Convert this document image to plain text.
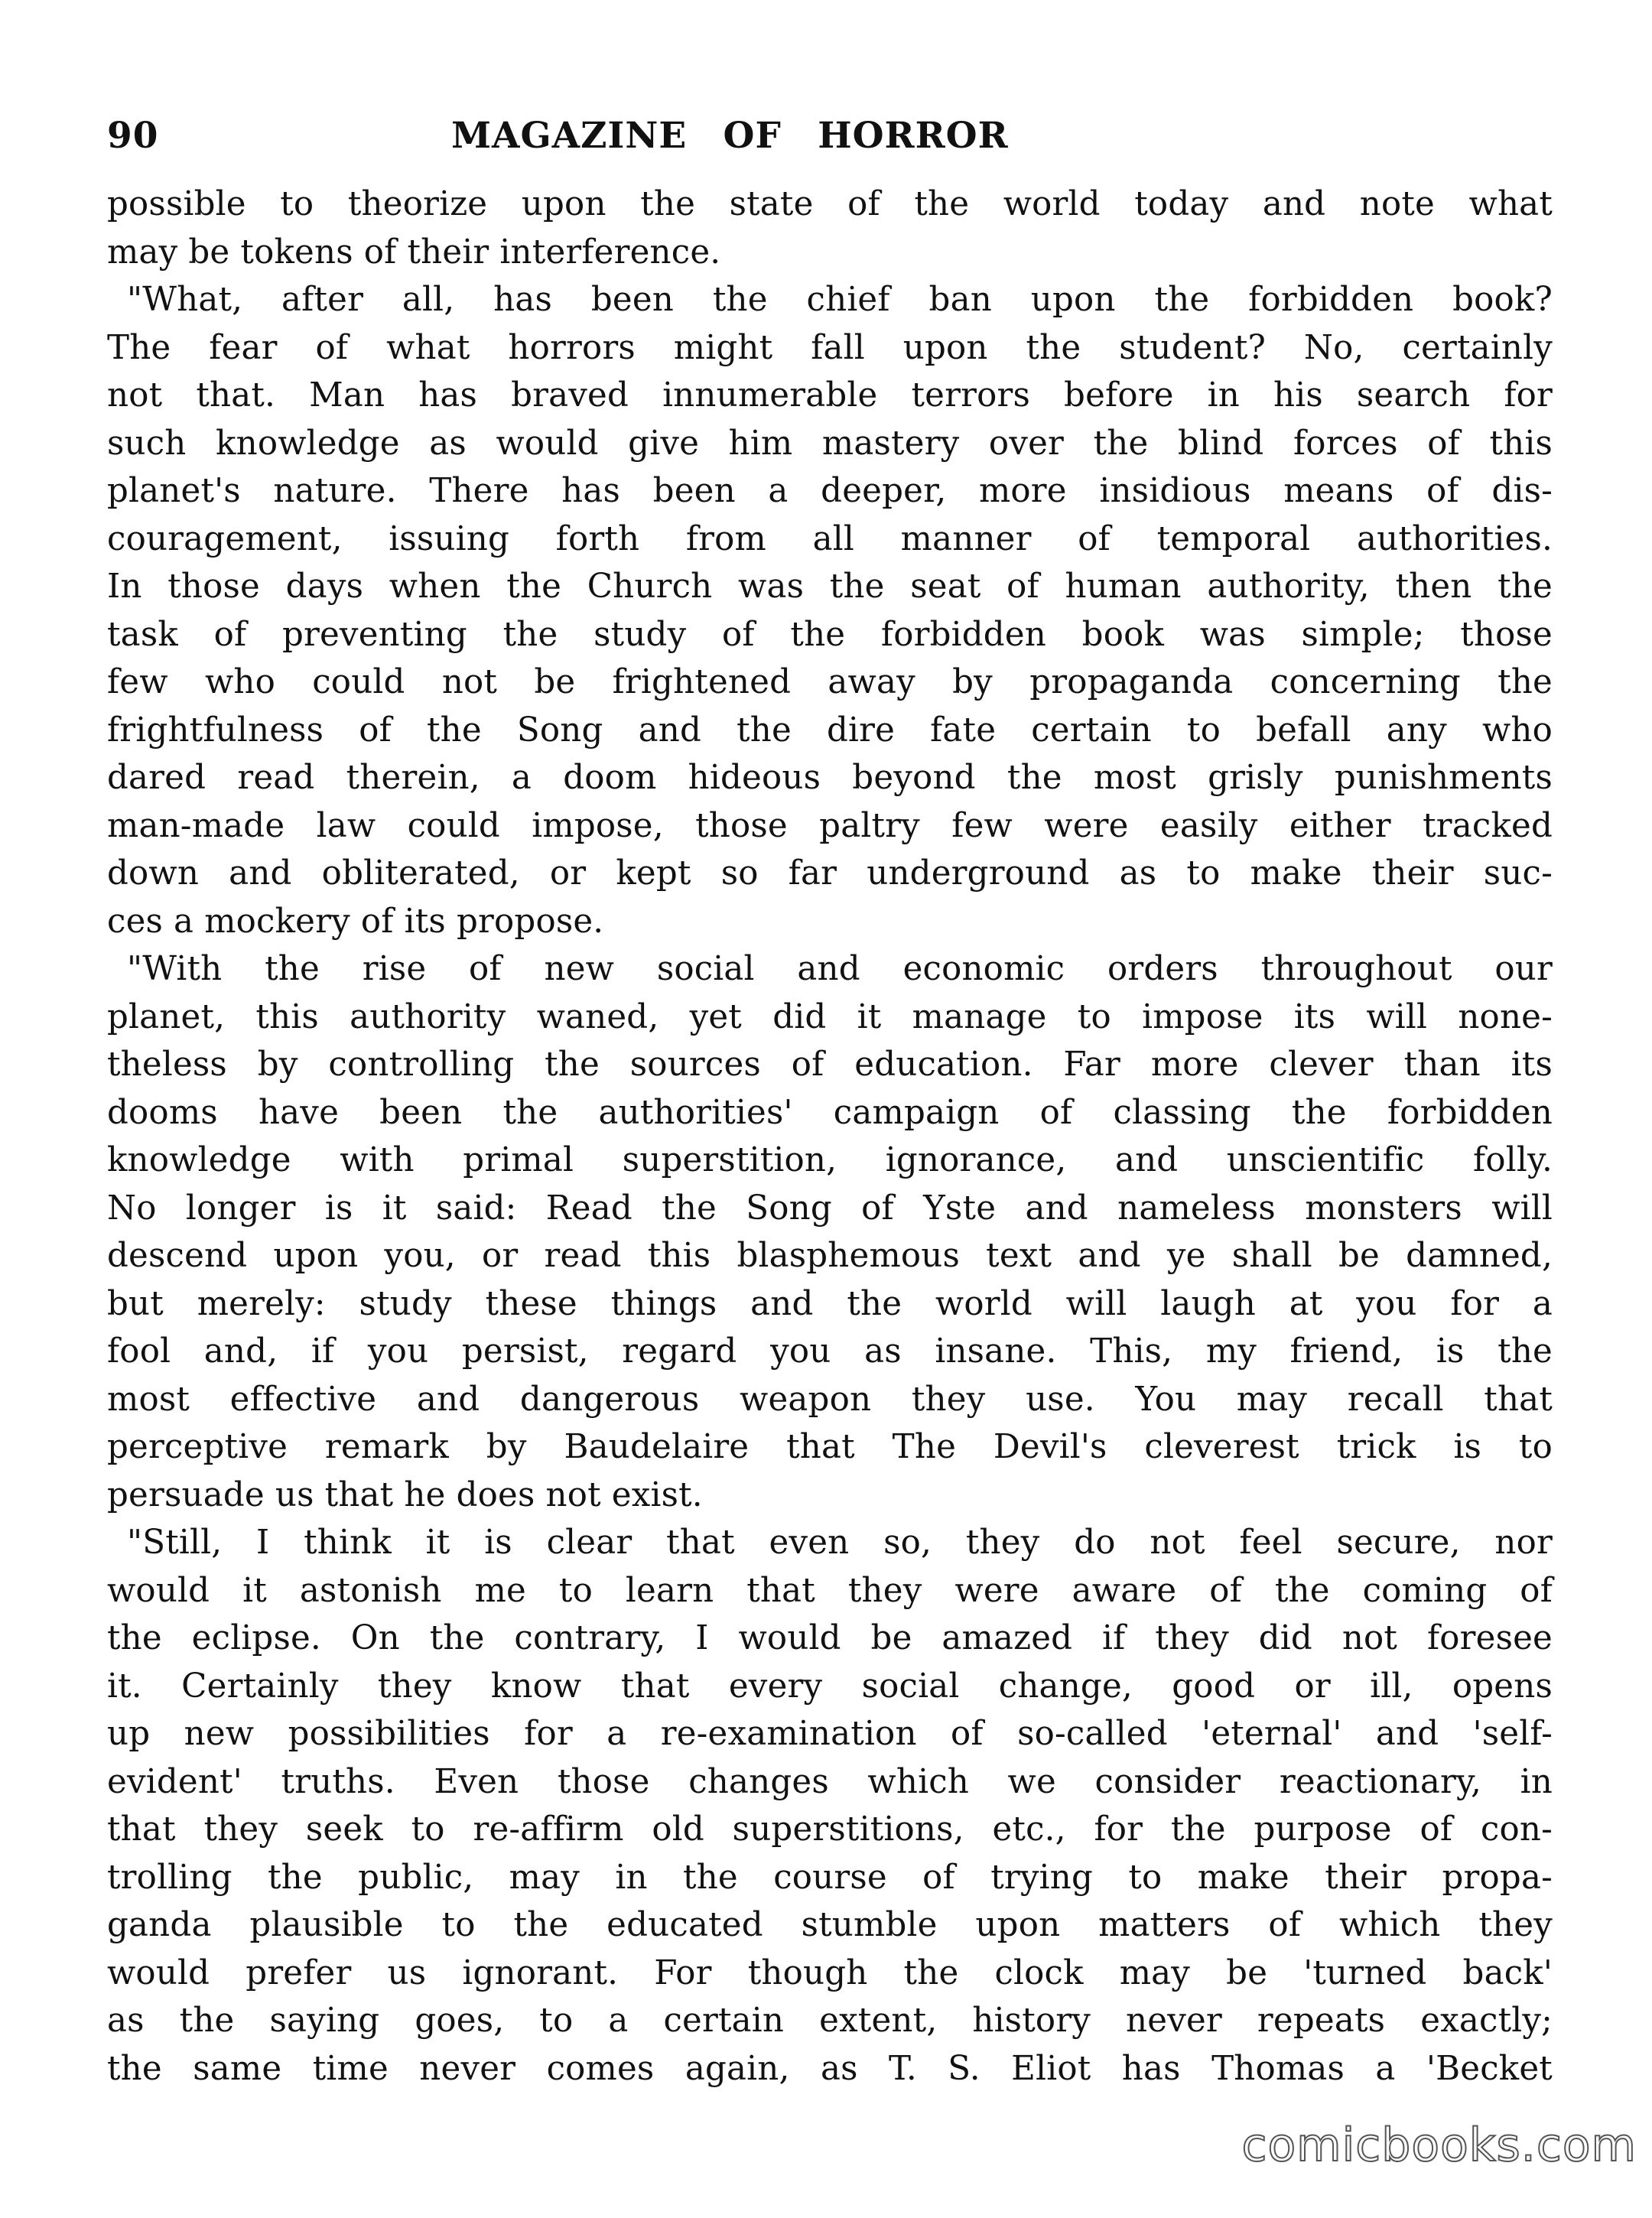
90	MAGAZINE OF HORROR
possible to theorize upon the state of the world today and note what
may be tokens of their interference.
"What, after all, has been the chief ban upon the forbidden book?
The fear of what horrors might fall upon the student? No, certainly
not that. Man has braved innumerable terrors before in his search for
such knowledge as would give him mastery over the blind forces of this
planet's nature. There has been a deeper, more insidious means of dis-
couragement, issuing forth from all manner of temporal authorities.
In those days when the Church was the seat of human authority, then the
task of preventing the study of the forbidden book was simple; those
few who could not be frightened away by propaganda concerning the
frightfulness of the Song and the dire fate certain to befall any who
dared read therein, a doom hideous beyond the most grisly punishments
man-made law could impose, those paltry few were easily either tracked
down and obliterated, or kept so far underground as to make their suc-
ces a mockery of its propose.
"With the rise of new social and economic orders throughout our
planet, this authority waned, yet did it manage to impose its will none-
theless by controlling the sources of education. Far more clever than its
dooms have been the authorities' campaign of classing the forbidden
knowledge with primal superstition, ignorance, and unscientific folly.
No longer is it said: Read the Song of Yste and nameless monsters will
descend upon you, or read this blasphemous text and ye shall be damned,
but merely: study these things and the world will laugh at you for a
fool and, if you persist, regard you as insane. This, my friend, is the
most effective and dangerous weapon they use. You may recall that
perceptive remark by Baudelaire that The Devil's cleverest trick is to
persuade us that he does not exist.
"Still, I think it is clear that even so, they do not feel secure, nor
would it astonish me to learn that they were aware of the coming of
the eclipse. On the contrary, I would be amazed if they did not foresee
it. Certainly they know that every social change, good or ill, opens
up new possibilities for a re-examination of so-called 'eternal' and 'self-
evident' truths. Even those changes which we consider reactionary, in
that they seek to re-affirm old superstitions, etc., for the purpose of con-
trolling the public, may in the course of trying to make their propa-
ganda plausible to the educated stumble upon matters of which they
would prefer us ignorant. For though the clock may be 'turned back'
as the saying goes, to a certain extent, history never repeats exactly;
the same time never comes again, as T. S. Eliot has Thomas a 'Becket
comicbooks.com
